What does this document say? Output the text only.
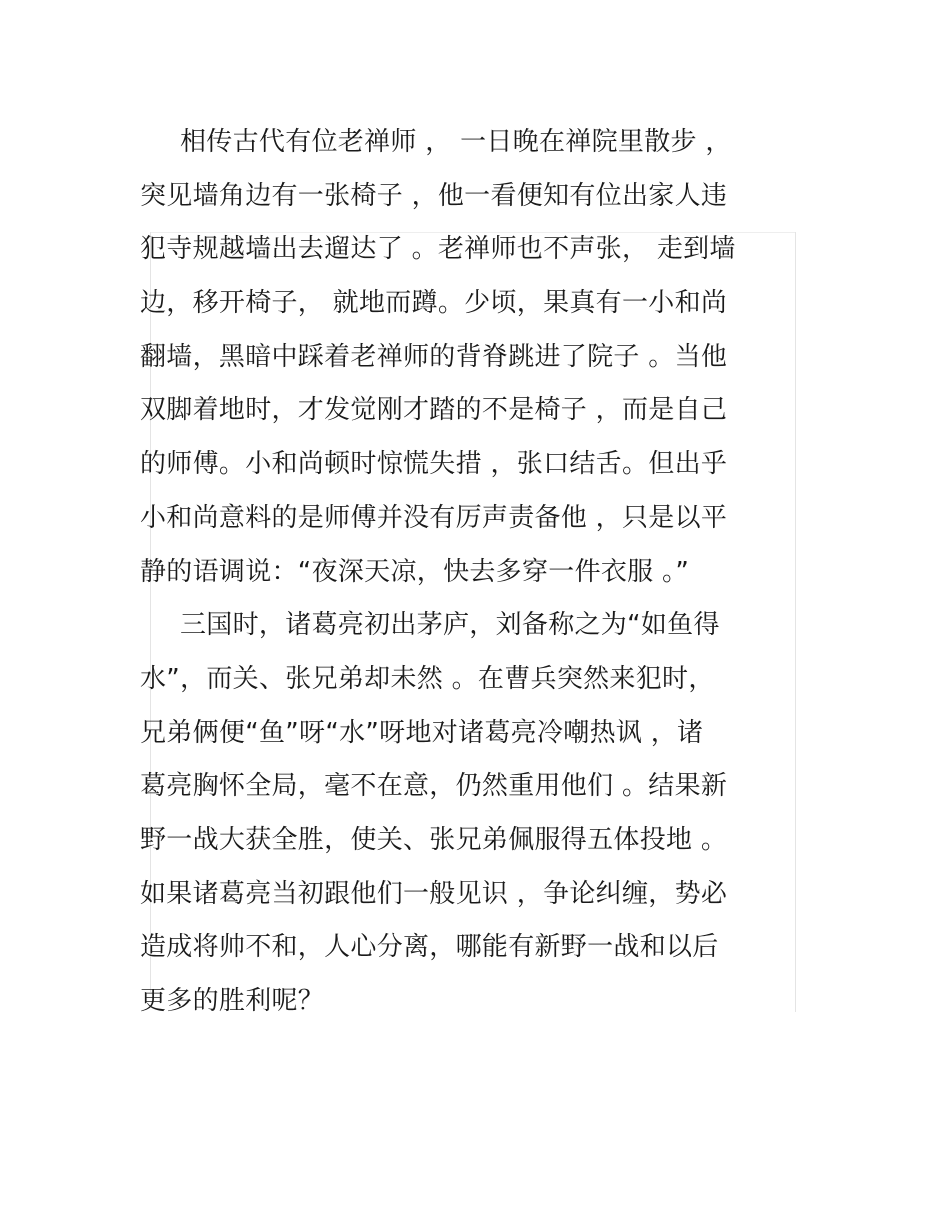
相传古代有位老禅师 ， 一日晚在禅院里散步 ，
突见墙角边有一张椅子 ，他一看便知有位出家人违
犯寺规越墙出去遛达了 。老禅师也不声张， 走到墙
边，移开椅子， 就地而蹲。少顷，果真有一小和尚
翻墙，黑暗中踩着老禅师的背脊跳进了院子 。当他
双脚着地时，才发觉刚才踏的不是椅子 ，而是自己
的师傅。小和尚顿时惊慌失措 ，张口结舌。但出乎
小和尚意料的是师傅并没有厉声责备他 ，只是以平
静的语调说：“夜深天凉，快去多穿一件衣服 。”
三国时，诸葛亮初出茅庐，刘备称之为“如鱼得
水”，而关、张兄弟却未然 。在曹兵突然来犯时，
兄弟俩便“鱼”呀“水”呀地对诸葛亮冷嘲热讽 ，诸
葛亮胸怀全局，毫不在意，仍然重用他们 。结果新
野一战大获全胜，使关、张兄弟佩服得五体投地 。
如果诸葛亮当初跟他们一般见识 ，争论纠缠，势必
造成将帅不和，人心分离，哪能有新野一战和以后
更多的胜利呢？
